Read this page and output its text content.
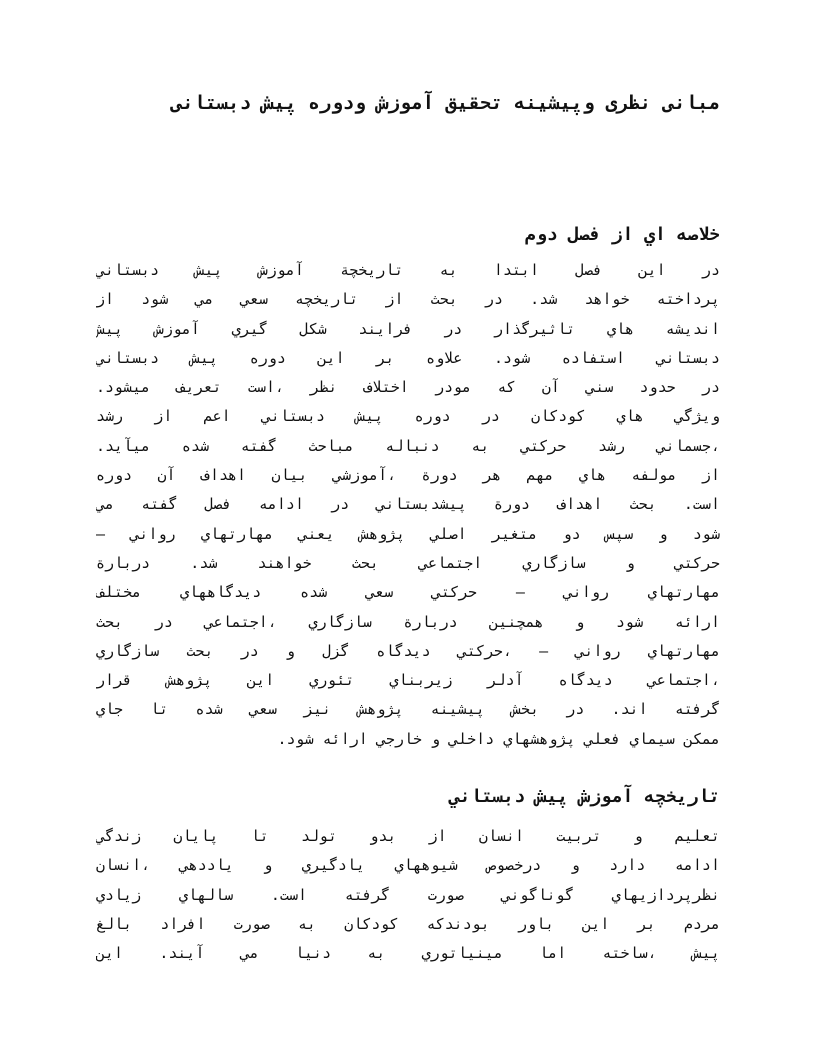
مبانی نظری وپیشینه تحقیق آموزش ودوره پیش دبستانی
خلاصه اي از فصل دوم
در اين فصل ابتدا به تاريخچة آموزش پيش دبستاني
پرداخته خواهد شد. در بحث از تاريخچه سعي مي شود از
انديشه هاي تاثيرگذار در فرايند شكل گيري آموزش پيش
دبستاني استفاده شود. علاوه بر اين دوره پيش دبستاني
در حدود سني آن كه مودر اختلاف نظر ،است تعريف ميشود.
ويژگي هاي كودكان در دوره پيش دبستاني اعم از رشد
،جسماني رشد حركتي به دنباله مباحث گفته شده ميآيد.
از مولفه هاي مهم هر دورة ،آموزشي بيان اهداف آن دوره
است. بحث اهداف دورة پيشدبستاني در ادامه فصل گفته مي
شود و سپس دو متغير اصلي پژوهش يعني مهارتهاي رواني –
حركتي و سازگاري اجتماعي بحث خواهند شد. دربارة
مهارتهاي رواني – حركتي سعي شده ديدگاههاي مختلف
ارائه شود و همچنين دربارة سازگاري ،اجتماعي در بحث
مهارتهاي رواني – ،حركتي ديدگاه گزل و در بحث سازگاري
،اجتماعي ديدگاه آدلر زيربناي تئوري اين پژوهش قرار
گرفته اند. در بخش پيشينه پژوهش نيز سعي شده تا جاي
ممكن سيماي فعلي پژوهشهاي داخلي و خارجي ارائه شود.
تاريخچه آموزش پيش دبستاني
تعليم و تربيت انسان از بدو تولد تا پايان زندگي
ادامه دارد و درخصوص شيوههاي يادگيري و ياددهي ،انسان
نظرپردازيهاي گوناگوني صورت گرفته است. سالهاي زيادي
مردم بر اين باور بودندكه كودكان به صورت افراد بالغ
پيش ،ساخته اما مينياتوري به دنيا مي آيند. اين
